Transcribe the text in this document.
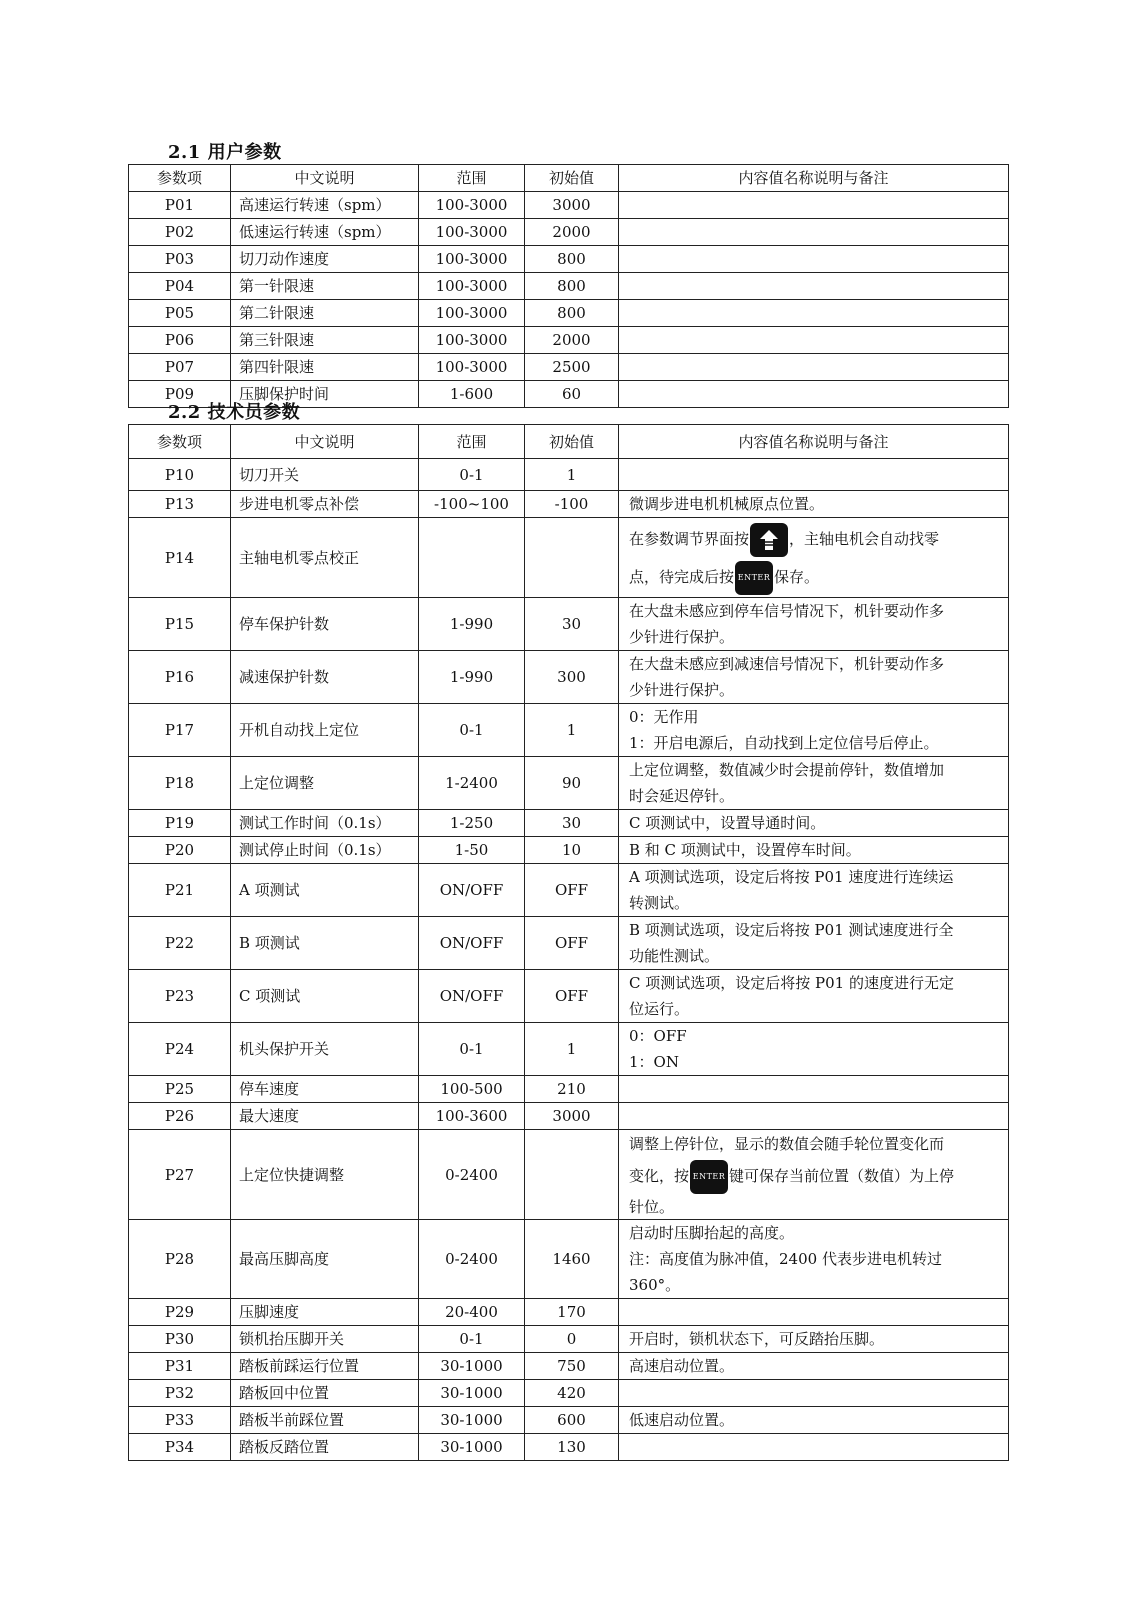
2.1 用户参数
参数项	中文说明	范围	初始值	内容值名称说明与备注
P01	高速运行转速（spm）	100-3000	3000	
P02	低速运行转速（spm）	100-3000	2000	
P03	切刀动作速度	100-3000	800	
P04	第一针限速	100-3000	800	
P05	第二针限速	100-3000	800	
P06	第三针限速	100-3000	2000	
P07	第四针限速	100-3000	2500	
P09	压脚保护时间	1-600	60	
2.2 技术员参数
参数项	中文说明	范围	初始值	内容值名称说明与备注
P10	切刀开关	0-1	1	
P13	步进电机零点补偿	-100~100	-100	微调步进电机机械原点位置。
P14	主轴电机零点校正			在参数调节界面按 ，主轴电机会自动找零
点，待完成后按 ENTER 保存。

P15	停车保护针数	1-990	30	在大盘未感应到停车信号情况下，机针要动作多
少针进行保护。

P16	减速保护针数	1-990	300	在大盘未感应到减速信号情况下，机针要动作多
少针进行保护。

P17	开机自动找上定位	0-1	1	0：无作用
1：开启电源后，自动找到上定位信号后停止。

P18	上定位调整	1-2400	90	上定位调整，数值减少时会提前停针，数值增加
时会延迟停针。

P19	测试工作时间（0.1s）	1-250	30	C 项测试中，设置导通时间。
P20	测试停止时间（0.1s）	1-50	10	B 和 C 项测试中，设置停车时间。
P21	A 项测试	ON/OFF	OFF	A 项测试选项，设定后将按 P01 速度进行连续运
转测试。

P22	B 项测试	ON/OFF	OFF	B 项测试选项，设定后将按 P01 测试速度进行全
功能性测试。

P23	C 项测试	ON/OFF	OFF	C 项测试选项，设定后将按 P01 的速度进行无定
位运行。

P24	机头保护开关	0-1	1	0：OFF
1：ON

P25	停车速度	100-500	210	
P26	最大速度	100-3600	3000	
P27	上定位快捷调整	0-2400		调整上停针位，显示的数值会随手轮位置变化而
变化，按 ENTER 键可保存当前位置（数值）为上停
针位。

P28	最高压脚高度	0-2400	1460	启动时压脚抬起的高度。
注：高度值为脉冲值，2400 代表步进电机转过
360°。

P29	压脚速度	20-400	170	
P30	锁机抬压脚开关	0-1	0	开启时，锁机状态下，可反踏抬压脚。
P31	踏板前踩运行位置	30-1000	750	高速启动位置。
P32	踏板回中位置	30-1000	420	
P33	踏板半前踩位置	30-1000	600	低速启动位置。
P34	踏板反踏位置	30-1000	130	
